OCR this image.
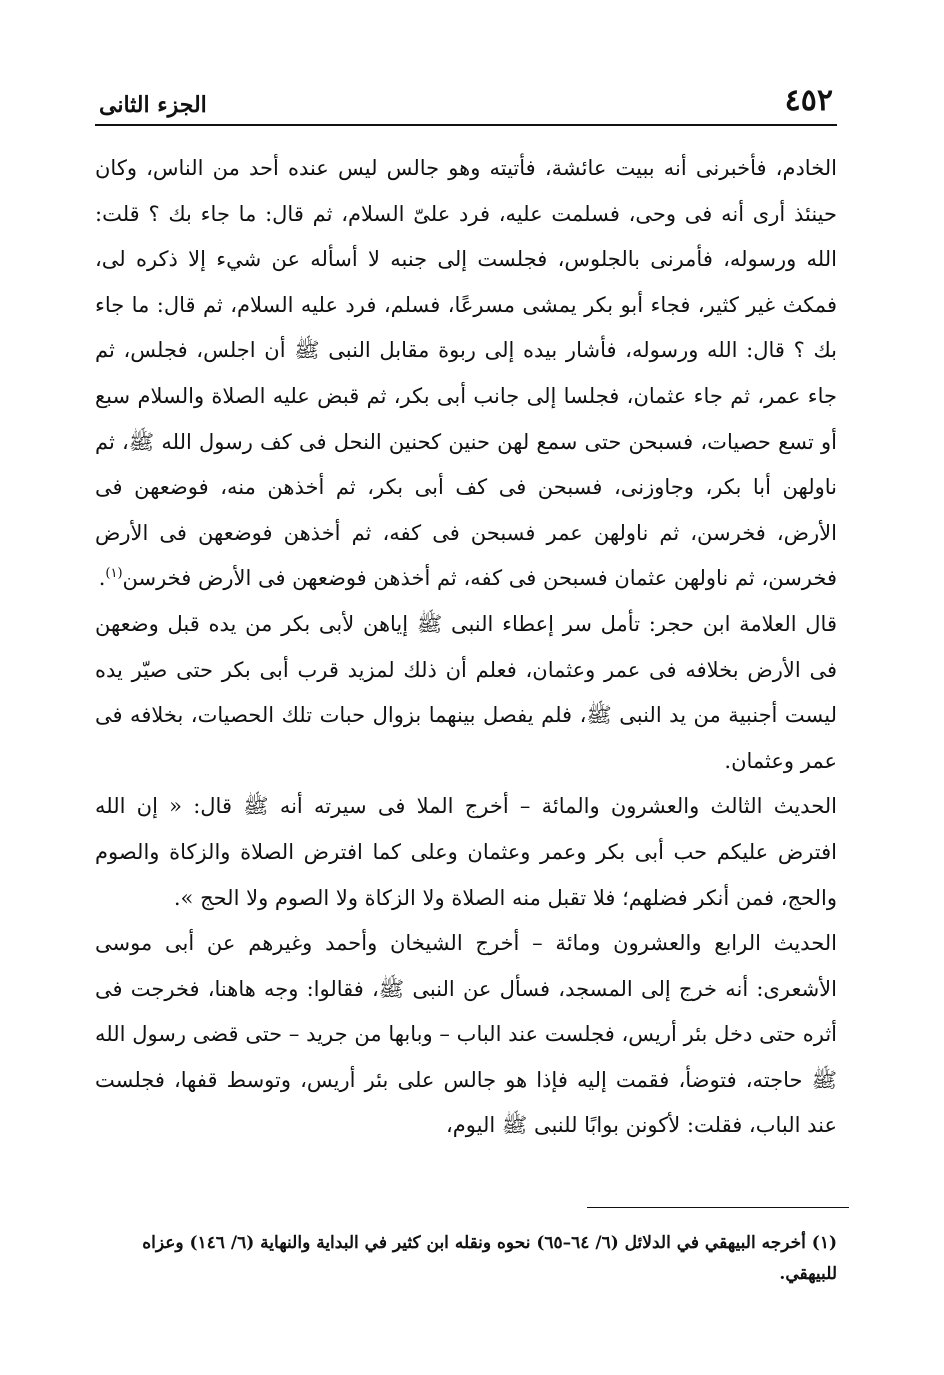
٤٥٢
الجزء الثانى

الخادم، فأخبرنى أنه ببيت عائشة، فأتيته وهو جالس ليس عنده أحد من الناس، وكان حينئذ أرى أنه فى وحى، فسلمت عليه، فرد علىّ السلام، ثم قال: ما جاء بك ؟ قلت: الله ورسوله، فأمرنى بالجلوس، فجلست إلى جنبه لا أسأله عن شيء إلا ذكره لى، فمكث غير كثير، فجاء أبو بكر يمشى مسرعًا، فسلم، فرد عليه السلام، ثم قال: ما جاء بك ؟ قال: الله ورسوله، فأشار بيده إلى ربوة مقابل النبى ﷺ أن اجلس، فجلس، ثم جاء عمر، ثم جاء عثمان، فجلسا إلى جانب أبى بكر، ثم قبض عليه الصلاة والسلام سبع أو تسع حصيات، فسبحن حتى سمع لهن حنين كحنين النحل فى كف رسول الله ﷺ، ثم ناولهن أبا بكر، وجاوزنى، فسبحن فى كف أبى بكر، ثم أخذهن منه، فوضعهن فى الأرض، فخرسن، ثم ناولهن عمر فسبحن فى كفه، ثم أخذهن فوضعهن فى الأرض فخرسن، ثم ناولهن عثمان فسبحن فى كفه، ثم أخذهن فوضعهن فى الأرض فخرسن$^{(١)}$.

قال العلامة ابن حجر: تأمل سر إعطاء النبى ﷺ إياهن لأبى بكر من يده قبل وضعهن فى الأرض بخلافه فى عمر وعثمان، فعلم أن ذلك لمزيد قرب أبى بكر حتى صيّر يده ليست أجنبية من يد النبى ﷺ، فلم يفصل بينهما بزوال حبات تلك الحصيات، بخلافه فى عمر وعثمان.

الحديث الثالث والعشرون والمائة – أخرج الملا فى سيرته أنه ﷺ قال: « إن الله افترض عليكم حب أبى بكر وعمر وعثمان وعلى كما افترض الصلاة والزكاة والصوم والحج، فمن أنكر فضلهم؛ فلا تقبل منه الصلاة ولا الزكاة ولا الصوم ولا الحج ».

الحديث الرابع والعشرون ومائة – أخرج الشيخان وأحمد وغيرهم عن أبى موسى الأشعرى: أنه خرج إلى المسجد، فسأل عن النبى ﷺ، فقالوا: وجه هاهنا، فخرجت فى أثره حتى دخل بئر أريس، فجلست عند الباب – وبابها من جريد – حتى قضى رسول الله ﷺ حاجته، فتوضأ، فقمت إليه فإذا هو جالس على بئر أريس، وتوسط قفها، فجلست عند الباب، فقلت: لأكونن بوابًا للنبى ﷺ اليوم،

(١) أخرجه البيهقي في الدلائل (٦/ ٦٤–٦٥) نحوه ونقله ابن كثير في البداية والنهاية (٦/ ١٤٦) وعزاه للبيهقي.
